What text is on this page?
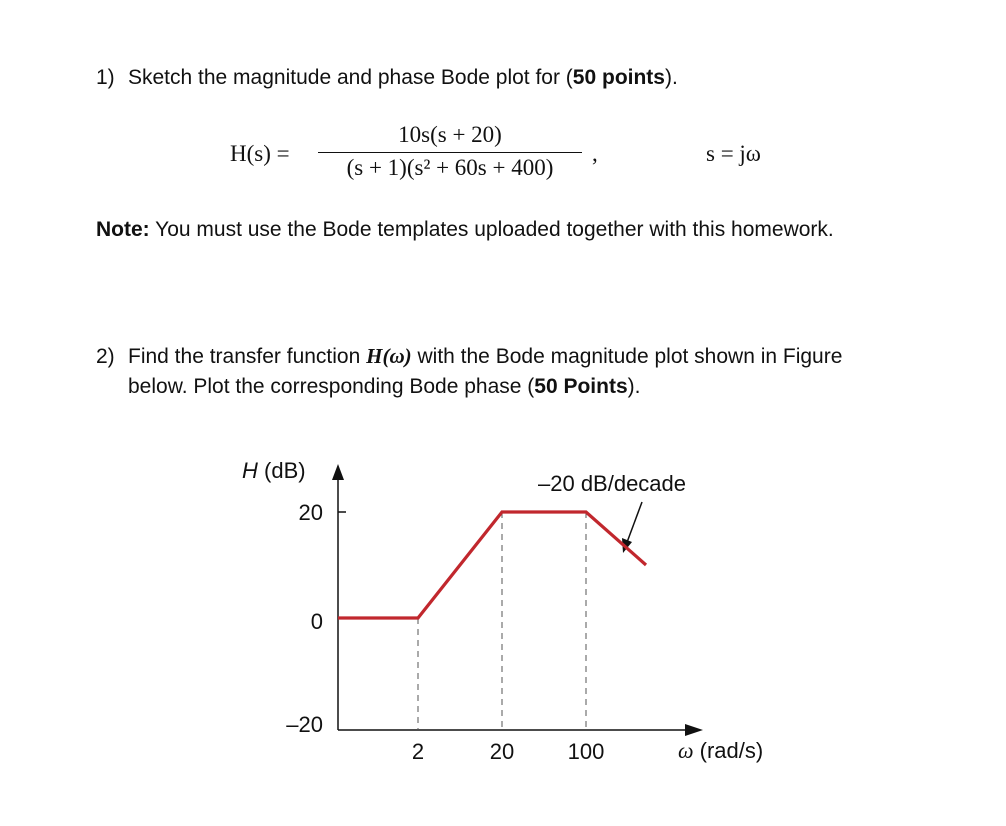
1) Sketch the magnitude and phase Bode plot for (50 points).
H(s) =
10s(s + 20)
(s + 1)(s² + 60s + 400)
,	s = jω
Note: You must use the Bode templates uploaded together with this homework.
2) Find the transfer function H(ω) with the Bode magnitude plot shown in Figure
below. Plot the corresponding Bode phase (50 Points).
H (dB)
20
0
–20
2	20 100	ω (rad/s)
–20 dB/decade
